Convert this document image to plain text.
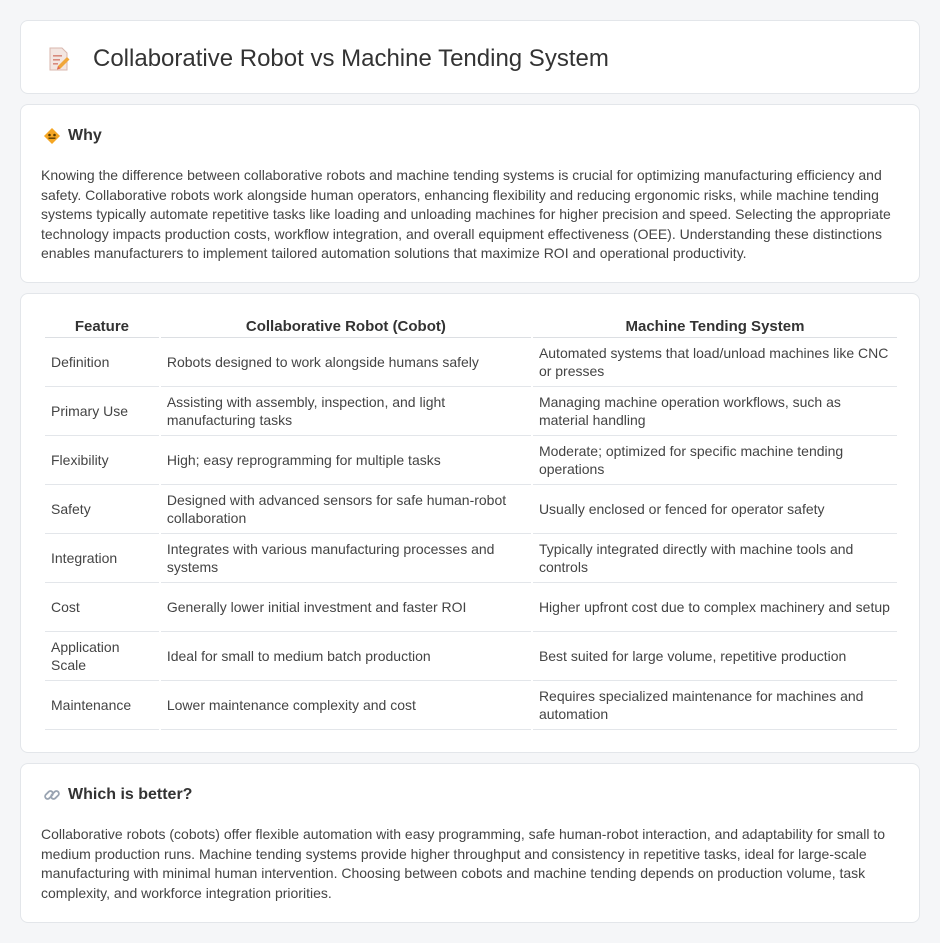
Collaborative Robot vs Machine Tending System
Why

Knowing the difference between collaborative robots and machine tending systems is crucial for optimizing manufacturing efficiency and safety. Collaborative robots work alongside human operators, enhancing flexibility and reducing ergonomic risks, while machine tending systems typically automate repetitive tasks like loading and unloading machines for higher precision and speed. Selecting the appropriate technology impacts production costs, workflow integration, and overall equipment effectiveness (OEE). Understanding these distinctions enables manufacturers to implement tailored automation solutions that maximize ROI and operational productivity.

Feature	Collaborative Robot (Cobot)	Machine Tending System
Definition	Robots designed to work alongside humans safely	Automated systems that load/unload machines like CNC or presses
Primary Use	Assisting with assembly, inspection, and light manufacturing tasks	Managing machine operation workflows, such as material handling
Flexibility	High; easy reprogramming for multiple tasks	Moderate; optimized for specific machine tending operations
Safety	Designed with advanced sensors for safe human-robot collaboration	Usually enclosed or fenced for operator safety
Integration	Integrates with various manufacturing processes and systems	Typically integrated directly with machine tools and controls
Cost	Generally lower initial investment and faster ROI	Higher upfront cost due to complex machinery and setup
Application Scale	Ideal for small to medium batch production	Best suited for large volume, repetitive production
Maintenance	Lower maintenance complexity and cost	Requires specialized maintenance for machines and automation
Which is better?

Collaborative robots (cobots) offer flexible automation with easy programming, safe human-robot interaction, and adaptability for small to medium production runs. Machine tending systems provide higher throughput and consistency in repetitive tasks, ideal for large-scale manufacturing with minimal human intervention. Choosing between cobots and machine tending depends on production volume, task complexity, and workforce integration priorities.
